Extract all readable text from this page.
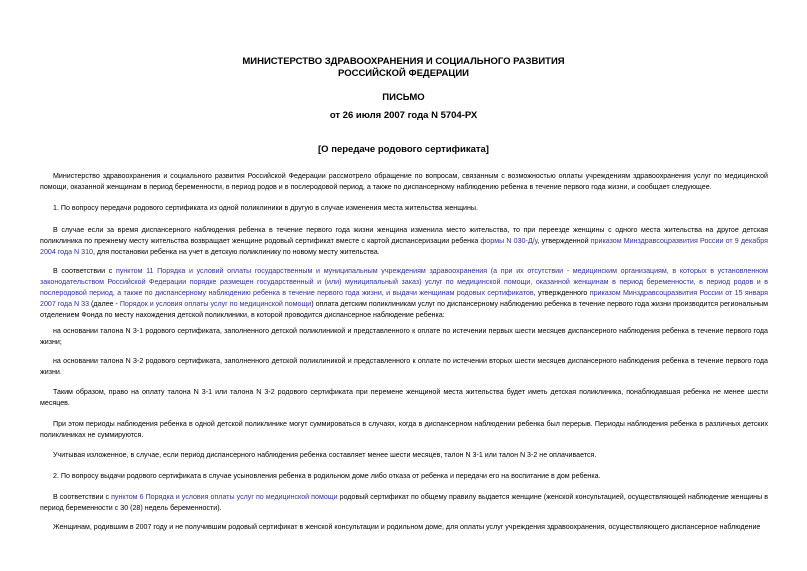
МИНИСТЕРСТВО ЗДРАВООХРАНЕНИЯ И СОЦИАЛЬНОГО РАЗВИТИЯ
РОССИЙСКОЙ ФЕДЕРАЦИИ
ПИСЬМО
от 26 июля 2007 года N 5704-РХ
[О передаче родового сертификата]
Министерство здравоохранения и социального развития Российской Федерации рассмотрело обращение по вопросам, связанным с возможностью оплаты учреждениям здравоохранения услуг по медицинской помощи, оказанной женщинам в период беременности, в период родов и в послеродовой период, а также по диспансерному наблюдению ребенка в течение первого года жизни, и сообщает следующее.
1. По вопросу передачи родового сертификата из одной поликлиники в другую в случае изменения места жительства женщины.
В случае если за время диспансерного наблюдения ребенка в течение первого года жизни женщина изменила место жительства, то при переезде женщины с одного места жительства на другое детская поликлиника по прежнему месту жительства возвращает женщине родовый сертификат вместе с картой диспансеризации ребенка формы N 030-Д/у, утвержденной приказом Минздравсоцразвития России от 9 декабря 2004 года N 310, для постановки ребенка на учет в детскую поликлинику по новому месту жительства.
В соответствии с пунктом 11 Порядка и условий оплаты государственным и муниципальным учреждениям здравоохранения (а при их отсутствии - медицинским организациям, в которых в установленном законодательством Российской Федерации порядке размещен государственный и (или) муниципальный заказ) услуг по медицинской помощи, оказанной женщинам в период беременности, в период родов и в послеродовой период, а также по диспансерному наблюдению ребенка в течение первого года жизни, и выдачи женщинам родовых сертификатов, утвержденного приказом Минздравсоцразвития России от 15 января 2007 года N 33 (далее - Порядок и условия оплаты услуг по медицинской помощи) оплата детским поликлиникам услуг по диспансерному наблюдению ребенка в течение первого года жизни производится региональным отделением Фонда по месту нахождения детской поликлиники, в которой проводится диспансерное наблюдение ребенка:
на основании талона N 3-1 родового сертификата, заполненного детской поликлиникой и представленного к оплате по истечении первых шести месяцев диспансерного наблюдения ребенка в течение первого года жизни;
на основании талона N 3-2 родового сертификата, заполненного детской поликлиникой и представленного к оплате по истечении вторых шести месяцев диспансерного наблюдения ребенка в течение первого года жизни.
Таким образом, право на оплату талона N 3-1 или талона N 3-2 родового сертификата при перемене женщиной места жительства будет иметь детская поликлиника, понаблюдавшая ребенка не менее шести месяцев.
При этом периоды наблюдения ребенка в одной детской поликлинике могут суммироваться в случаях, когда в диспансерном наблюдении ребенка был перерыв. Периоды наблюдения ребенка в различных детских поликлиниках не суммируются.
Учитывая изложенное, в случае, если период диспансерного наблюдения ребенка составляет менее шести месяцев, талон N 3-1 или талон N 3-2 не оплачивается.
2. По вопросу выдачи родового сертификата в случае усыновления ребенка в родильном доме либо отказа от ребенка и передачи его на воспитание в дом ребенка.
В соответствии с пунктом 6 Порядка и условия оплаты услуг по медицинской помощи родовый сертификат по общему правилу выдается женщине (женской консультацией, осуществляющей наблюдение женщины в период беременности с 30 (28) недель беременности).
Женщинам, родившим в 2007 году и не получившим родовый сертификат в женской консультации и родильном доме, для оплаты услуг учреждения здравоохранения, осуществляющего диспансерное наблюдение
